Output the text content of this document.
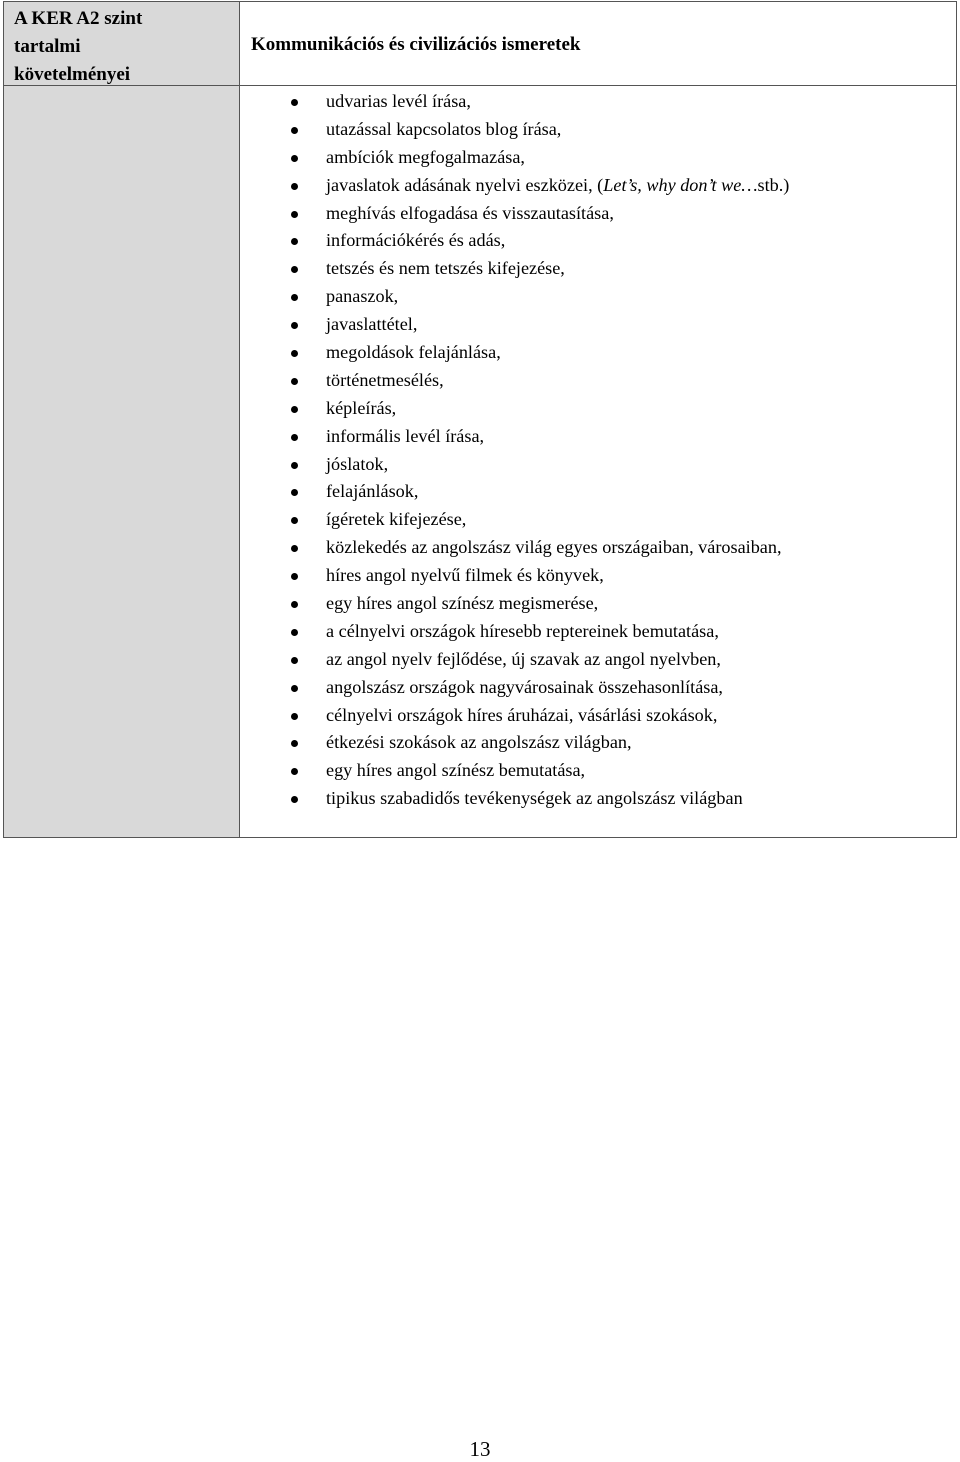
A KER A2 szint
tartalmi
követelményei
Kommunikációs és civilizációs ismeretek
udvarias levél írása,
utazással kapcsolatos blog írása,
ambíciók megfogalmazása,
javaslatok adásának nyelvi eszközei, (Let’s, why don’t we…stb.)
meghívás elfogadása és visszautasítása,
információkérés és adás,
tetszés és nem tetszés kifejezése,
panaszok,
javaslattétel,
megoldások felajánlása,
történetmesélés,
képleírás,
informális levél írása,
jóslatok,
felajánlások,
ígéretek kifejezése,
közlekedés az angolszász világ egyes országaiban, városaiban,
híres angol nyelvű filmek és könyvek,
egy híres angol színész megismerése,
a célnyelvi országok híresebb reptereinek bemutatása,
az angol nyelv fejlődése, új szavak az angol nyelvben,
angolszász országok nagyvárosainak összehasonlítása,
célnyelvi országok híres áruházai, vásárlási szokások,
étkezési szokások az angolszász világban,
egy híres angol színész bemutatása,
tipikus szabadidős tevékenységek az angolszász világban
13
